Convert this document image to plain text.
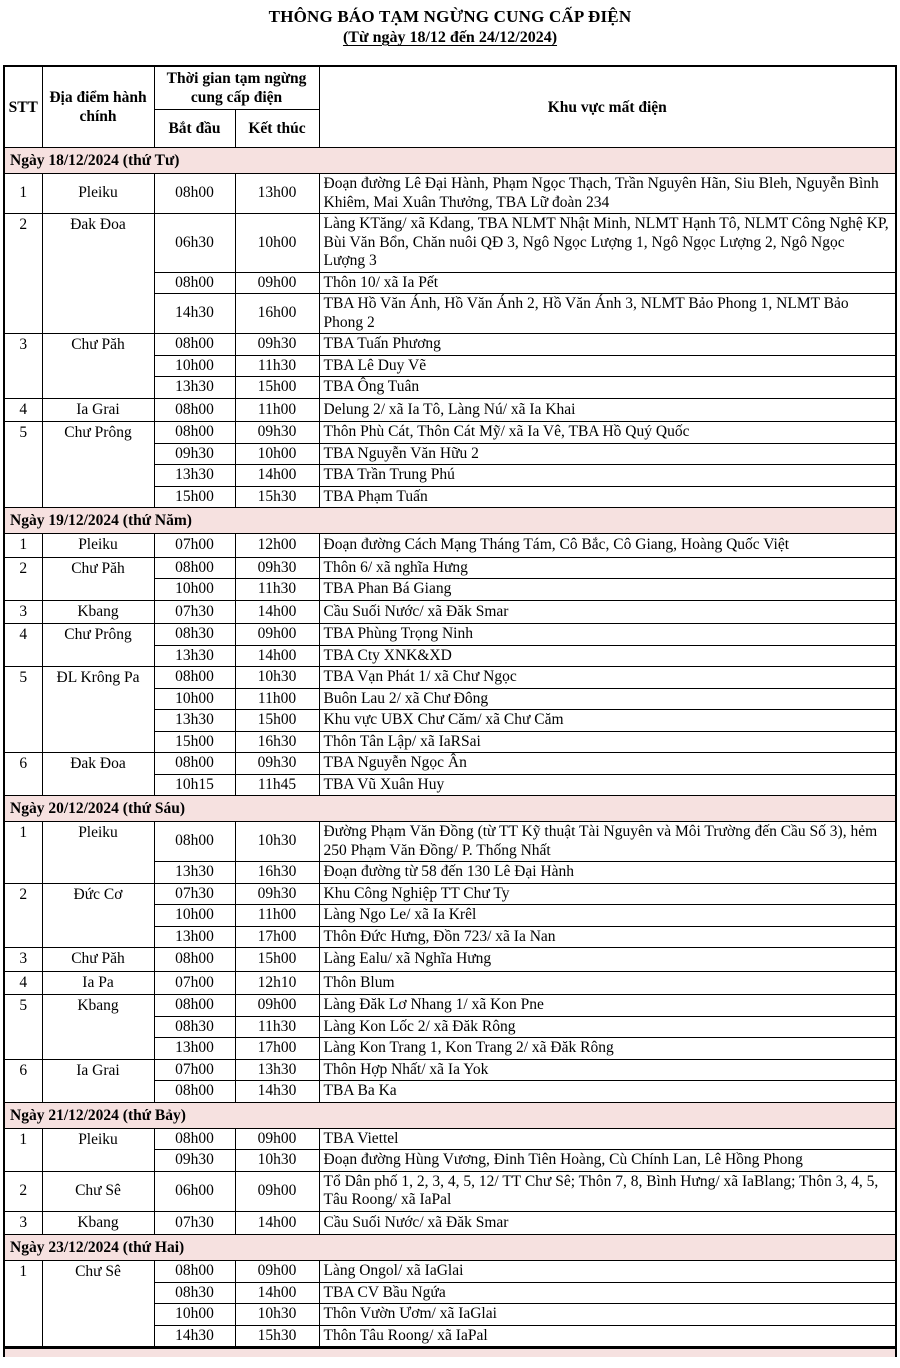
THÔNG BÁO TẠM NGỪNG CUNG CẤP ĐIỆN
(Từ ngày 18/12 đến 24/12/2024)
STT	Địa điểm hành chính	Thời gian tạm ngừng cung cấp điện		Khu vực mất điện
		Bắt đầu	Kết thúc	
Ngày 18/12/2024 (thứ Tư)				
1	Pleiku	08h00	13h00	Đoạn đường Lê Đại Hành, Phạm Ngọc Thạch, Trần Nguyên Hãn, Siu Bleh, Nguyễn Bình Khiêm, Mai Xuân Thưởng, TBA Lữ đoàn 234
2	Đak Đoa	06h30	10h00	Làng KTăng/ xã Kdang, TBA NLMT Nhật Minh, NLMT Hạnh Tô, NLMT Công Nghệ KP, Bùi Văn Bổn, Chăn nuôi QĐ 3, Ngô Ngọc Lượng 1, Ngô Ngọc Lượng 2, Ngô Ngọc Lượng 3
		08h00	09h00	Thôn 10/ xã Ia Pết
		14h30	16h00	TBA Hồ Văn Ánh, Hồ Văn Ánh 2, Hồ Văn Ánh 3, NLMT Bảo Phong 1, NLMT Bảo Phong 2
3	Chư Păh	08h00	09h30	TBA Tuấn Phương
		10h00	11h30	TBA Lê Duy Vẽ
		13h30	15h00	TBA Ông Tuân
4	Ia Grai	08h00	11h00	Delung 2/ xã Ia Tô, Làng Nú/ xã Ia Khai
5	Chư Prông	08h00	09h30	Thôn Phù Cát, Thôn Cát Mỹ/ xã Ia Vê, TBA Hồ Quý Quốc
		09h30	10h00	TBA Nguyễn Văn Hữu 2
		13h30	14h00	TBA Trần Trung Phú
		15h00	15h30	TBA Phạm Tuấn
Ngày 19/12/2024 (thứ Năm)				
1	Pleiku	07h00	12h00	Đoạn đường Cách Mạng Tháng Tám, Cô Bắc, Cô Giang, Hoàng Quốc Việt
2	Chư Păh	08h00	09h30	Thôn 6/ xã nghĩa Hưng
		10h00	11h30	TBA Phan Bá Giang
3	Kbang	07h30	14h00	Cầu Suối Nước/ xã Đăk Smar
4	Chư Prông	08h30	09h00	TBA Phùng Trọng Ninh
		13h30	14h00	TBA Cty XNK&XD
5	ĐL Krông Pa	08h00	10h30	TBA Vạn Phát 1/ xã Chư Ngọc
		10h00	11h00	Buôn Lau 2/ xã Chư Đông
		13h30	15h00	Khu vực UBX Chư Căm/ xã Chư Căm
		15h00	16h30	Thôn Tân Lập/ xã IaRSai
6	Đak Đoa	08h00	09h30	TBA Nguyễn Ngọc Ân
		10h15	11h45	TBA Vũ Xuân Huy
Ngày 20/12/2024 (thứ Sáu)				
1	Pleiku	08h00	10h30	Đường Phạm Văn Đồng (từ TT Kỹ thuật Tài Nguyên và Môi Trường đến Cầu Số 3), hẻm 250 Phạm Văn Đồng/ P. Thống Nhất
		13h30	16h30	Đoạn đường từ 58 đến 130 Lê Đại Hành
2	Đức Cơ	07h30	09h30	Khu Công Nghiệp TT Chư Ty
		10h00	11h00	Làng Ngo Le/ xã Ia Krêl
		13h00	17h00	Thôn Đức Hưng, Đồn 723/ xã Ia Nan
3	Chư Păh	08h00	15h00	Làng Ealu/ xã Nghĩa Hưng
4	Ia Pa	07h00	12h10	Thôn Blum
5	Kbang	08h00	09h00	Làng Đăk Lơ Nhang 1/ xã Kon Pne
		08h30	11h30	Làng Kon Lốc 2/ xã Đăk Rông
		13h00	17h00	Làng Kon Trang 1, Kon Trang 2/ xã Đăk Rông
6	Ia Grai	07h00	13h30	Thôn Hợp Nhất/ xã Ia Yok
		08h00	14h30	TBA Ba Ka
Ngày 21/12/2024 (thứ Bảy)				
1	Pleiku	08h00	09h00	TBA Viettel
		09h30	10h30	Đoạn đường Hùng Vương, Đinh Tiên Hoàng, Cù Chính Lan, Lê Hồng Phong
2	Chư Sê	06h00	09h00	Tổ Dân phố 1, 2, 3, 4, 5, 12/ TT Chư Sê; Thôn 7, 8, Bình Hưng/ xã IaBlang; Thôn 3, 4, 5, Tâu Roong/ xã IaPal
3	Kbang	07h30	14h00	Cầu Suối Nước/ xã Đăk Smar
Ngày 23/12/2024 (thứ Hai)				
1	Chư Sê	08h00	09h00	Làng Ongol/ xã IaGlai
		08h30	14h00	TBA CV Bầu Ngứa
		10h00	10h30	Thôn Vườn Ươm/ xã IaGlai
		14h30	15h30	Thôn Tâu Roong/ xã IaPal
